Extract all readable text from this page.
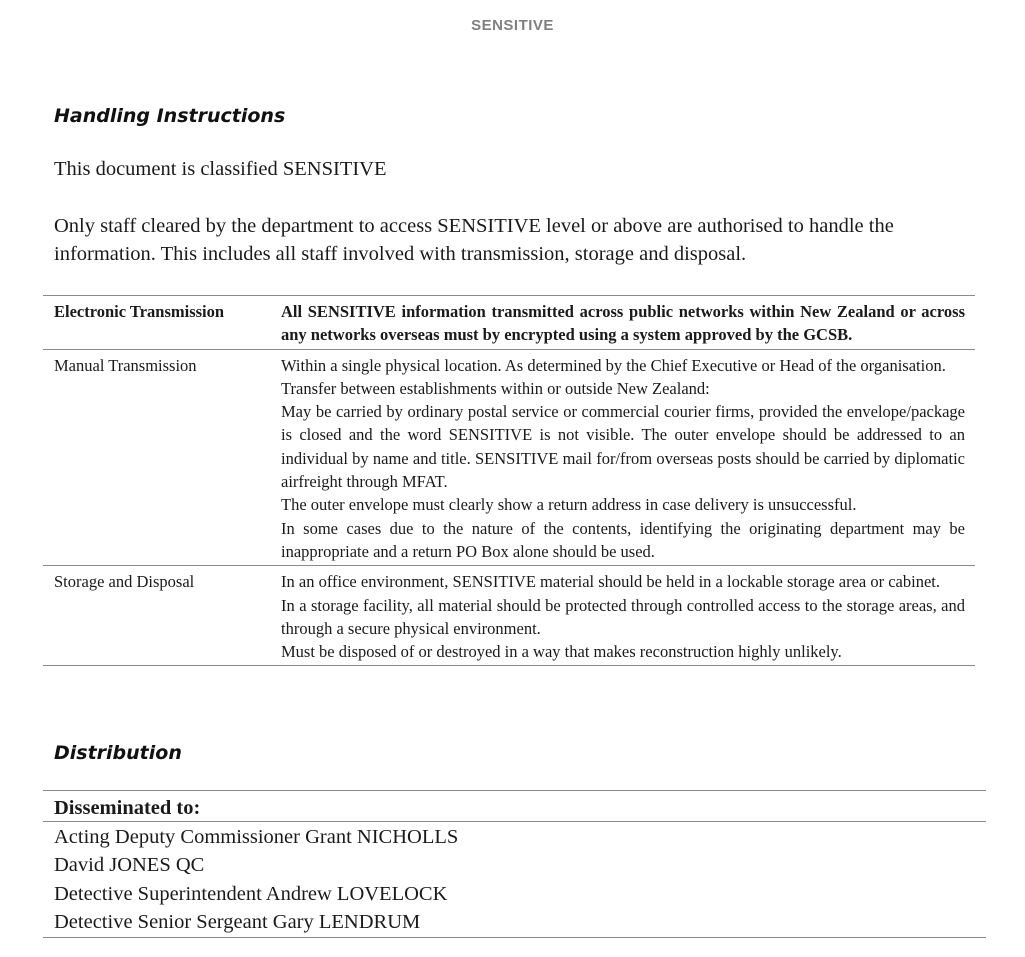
SENSITIVE
Handling Instructions
This document is classified SENSITIVE
Only staff cleared by the department to access SENSITIVE level or above are authorised to handle the information. This includes all staff involved with transmission, storage and disposal.
Electronic Transmission	All SENSITIVE information transmitted across public networks within New Zealand or across any networks overseas must by encrypted using a system approved by the GCSB.

Manual Transmission	Within a single physical location. As determined by the Chief Executive or Head of the organisation.

Transfer between establishments within or outside New Zealand:

May be carried by ordinary postal service or commercial courier firms, provided the envelope/package is closed and the word SENSITIVE is not visible. The outer envelope should be addressed to an individual by name and title. SENSITIVE mail for/from overseas posts should be carried by diplomatic airfreight through MFAT.

The outer envelope must clearly show a return address in case delivery is unsuccessful.

In some cases due to the nature of the contents, identifying the originating department may be inappropriate and a return PO Box alone should be used.

Storage and Disposal	In an office environment, SENSITIVE material should be held in a lockable storage area or cabinet.

In a storage facility, all material should be protected through controlled access to the storage areas, and through a secure physical environment.

Must be disposed of or destroyed in a way that makes reconstruction highly unlikely.

Distribution
Disseminated to:
Acting Deputy Commissioner Grant NICHOLLS
David JONES QC
Detective Superintendent Andrew LOVELOCK
Detective Senior Sergeant Gary LENDRUM
